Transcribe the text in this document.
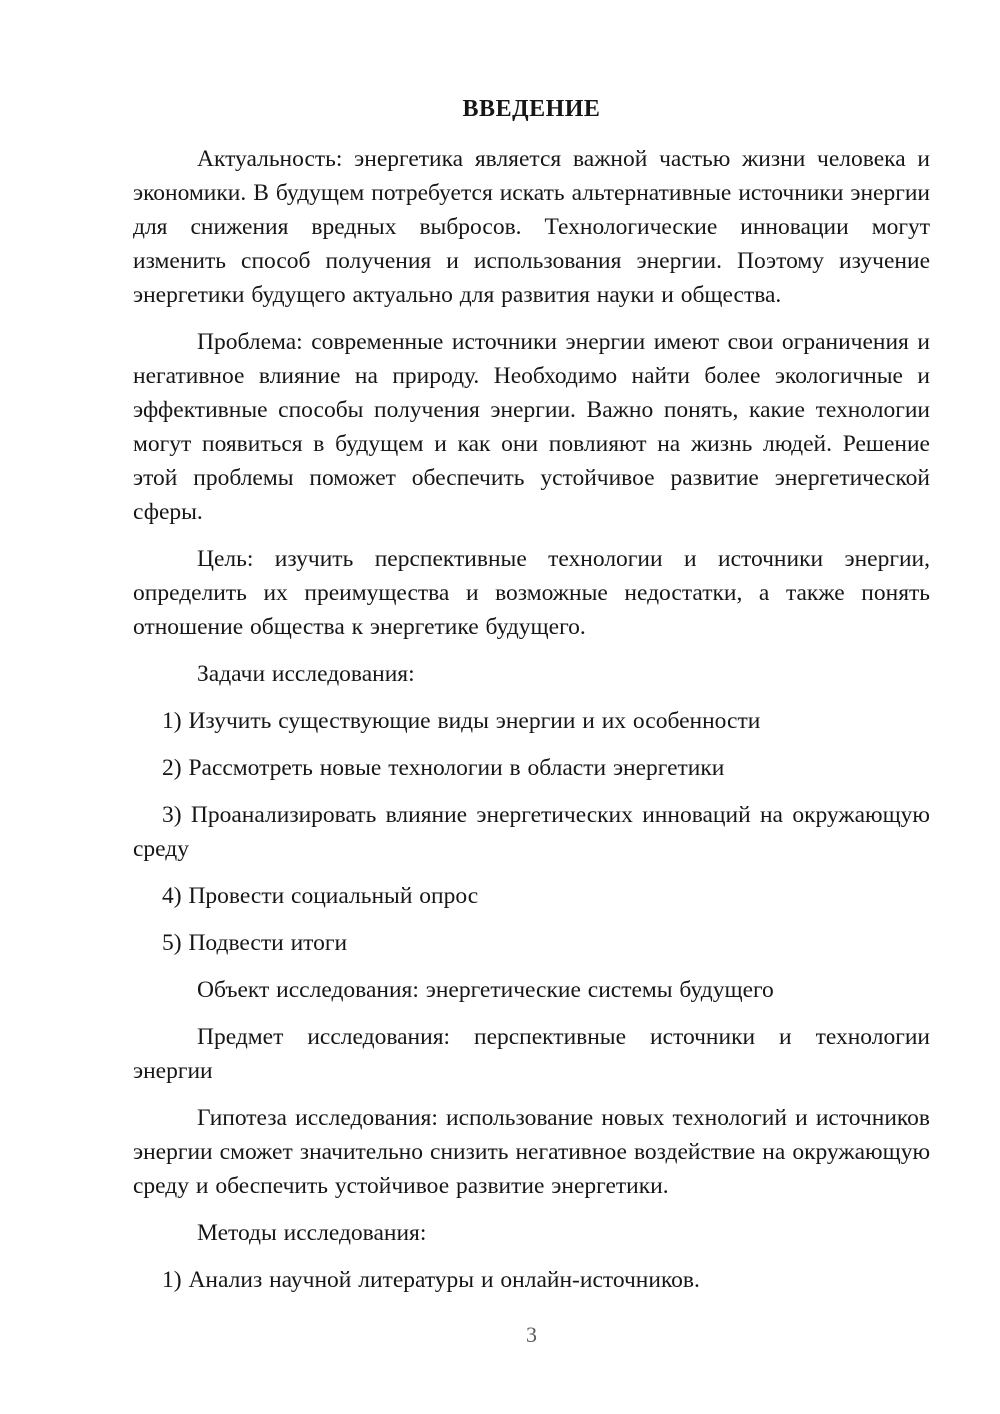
ВВЕДЕНИЕ

Актуальность: энергетика является важной частью жизни человека и экономики. В будущем потребуется искать альтернативные источники энергии для снижения вредных выбросов. Технологические инновации могут изменить способ получения и использования энергии. Поэтому изучение энергетики будущего актуально для развития науки и общества.

Проблема: современные источники энергии имеют свои ограничения и негативное влияние на природу. Необходимо найти более экологичные и эффективные способы получения энергии. Важно понять, какие технологии могут появиться в будущем и как они повлияют на жизнь людей. Решение этой проблемы поможет обеспечить устойчивое развитие энергетической сферы.

Цель: изучить перспективные технологии и источники энергии, определить их преимущества и возможные недостатки, а также понять отношение общества к энергетике будущего.

Задачи исследования:

1) Изучить существующие виды энергии и их особенности

2) Рассмотреть новые технологии в области энергетики

3) Проанализировать влияние энергетических инноваций на окружающую среду

4) Провести социальный опрос

5) Подвести итоги

Объект исследования: энергетические системы будущего

Предмет исследования: перспективные источники и технологии энергии

Гипотеза исследования: использование новых технологий и источников энергии сможет значительно снизить негативное воздействие на окружающую среду и обеспечить устойчивое развитие энергетики.

Методы исследования:

1) Анализ научной литературы и онлайн-источников.

3
